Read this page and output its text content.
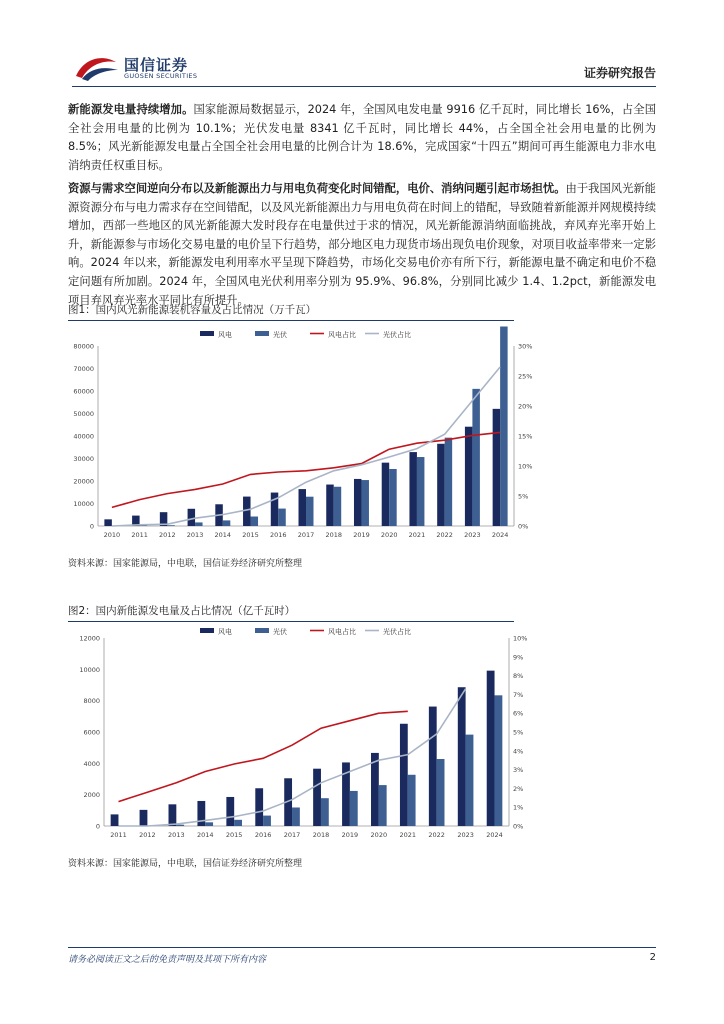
国信证券
GUOSEN SECURITIES	证券研究报告
新能源发电量持续增加。国家能源局数据显示，2024 年，全国风电发电量 9916 亿千瓦时，同比增长 16%，占全国全社会用电量的比例为 10.1%；光伏发电量 8341 亿千瓦时，同比增长 44%，占全国全社会用电量的比例为 8.5%；风光新能源发电量占全国全社会用电量的比例合计为 18.6%，完成国家“十四五”期间可再生能源电力非水电消纳责任权重目标。
资源与需求空间逆向分布以及新能源出力与用电负荷变化时间错配，电价、消纳问题引起市场担忧。由于我国风光新能源资源分布与电力需求存在空间错配，以及风光新能源出力与用电负荷在时间上的错配，导致随着新能源并网规模持续增加，西部一些地区的风光新能源大发时段存在电量供过于求的情况，风光新能源消纳面临挑战，弃风弃光率开始上升，新能源参与市场化交易电量的电价呈下行趋势，部分地区电力现货市场出现负电价现象，对项目收益率带来一定影响。2024 年以来，新能源发电利用率水平呈现下降趋势，市场化交易电价亦有所下行，新能源电量不确定和电价不稳定问题有所加剧。2024 年，全国风电光伏利用率分别为 95.9%、96.8%，分别同比减少 1.4、1.2pct，新能源发电项目弃风弃光率水平同比有所提升。
图1：国内风光新能源装机容量及占比情况（万千瓦）
0
10000
20000
30000
40000
50000
60000
70000
80000
0%
5%
10%
15%
20%
25%
30%
2010 2011 2012 2013 2014 2015 2016 2017 2018 2019 2020 2021 2022 2023 2024
风电	光伏	风电占比	光伏占比
资料来源：国家能源局，中电联，国信证券经济研究所整理
图2：国内新能源发电量及占比情况（亿千瓦时）
0
2000
4000
6000
8000
10000
12000
0%
1%
2%
3%
4%
5%
6%
7%
8%
9%
10%
2011 2012 2013 2014 2015 2016 2017 2018 2019 2020 2021 2022 2023 2024
风电	光伏	风电占比	光伏占比
资料来源：国家能源局，中电联，国信证券经济研究所整理
请务必阅读正文之后的免责声明及其项下所有内容	2
